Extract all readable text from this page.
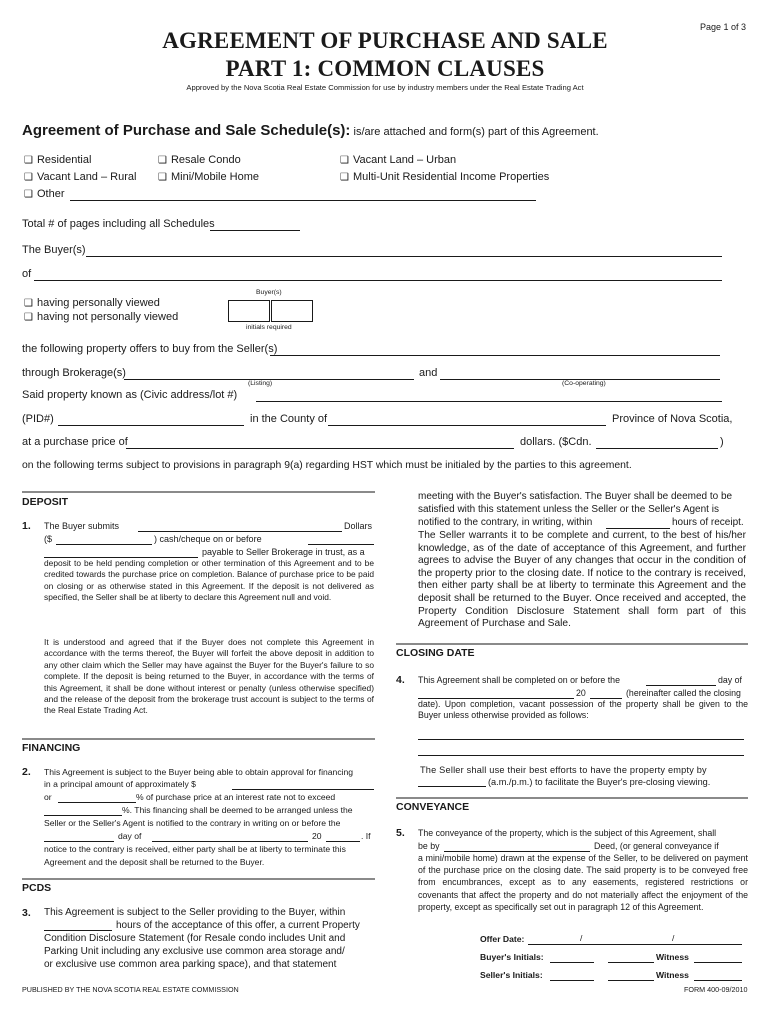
Page 1 of 3
AGREEMENT OF PURCHASE AND SALE
PART 1: COMMON CLAUSES
Approved by the Nova Scotia Real Estate Commission for use by industry members under the Real Estate Trading Act
Agreement of Purchase and Sale Schedule(s): is/are attached and form(s) part of this Agreement.
❑ Residential	❑ Resale Condo	❑ Vacant Land – Urban
❑ Vacant Land – Rural	❑ Mini/Mobile Home	❑ Multi-Unit Residential Income Properties
❑ Other
Total # of pages including all Schedules
The Buyer(s)
of
Buyer(s)
initials required
❑ having personally viewed
❑ having not personally viewed
the following property offers to buy from the Seller(s)
through Brokerage(s)	and
(Listing)	(Co-operating)
Said property known as (Civic address/lot #)
(PID#)	in the County of	Province of Nova Scotia,
at a purchase price of	dollars. ($Cdn.	)
on the following terms subject to provisions in paragraph 9(a) regarding HST which must be initialed by the parties to this agreement.
DEPOSIT
1. The Buyer submits	Dollars
($	) cash/cheque on or before
payable to Seller Brokerage in trust, as a
deposit to be held pending completion or other termination of this Agreement and to be credited towards the purchase price on completion. Balance of purchase price to be paid on closing or as otherwise stated in this Agreement. If the deposit is not delivered as specified, the Seller shall be at liberty to declare this Agreement null and void.
It is understood and agreed that if the Buyer does not complete this Agreement in accordance with the terms thereof, the Buyer will forfeit the above deposit in addition to any other claim which the Seller may have against the Buyer for the Buyer's failure to so complete. If the deposit is being returned to the Buyer, in accordance with the terms of this Agreement, it shall be done without interest or penalty (unless otherwise specified) and the release of the deposit from the brokerage trust account is subject to the terms of the Real Estate Trading Act.
FINANCING
2. This Agreement is subject to the Buyer being able to obtain approval for financing
in a principal amount of approximately $
or	% of purchase price at an interest rate not to exceed
%. This financing shall be deemed to be arranged unless the
Seller or the Seller's Agent is notified to the contrary in writing on or before the
day of	20	. If
notice to the contrary is received, either party shall be at liberty to terminate this
Agreement and the deposit shall be returned to the Buyer.
PCDS
3. This Agreement is subject to the Seller providing to the Buyer, within
hours of the acceptance of this offer, a current Property
Condition Disclosure Statement (for Resale condo includes Unit and
Parking Unit including any exclusive use common area storage and/
or exclusive use common area parking space), and that statement
meeting with the Buyer's satisfaction. The Buyer shall be deemed to be
satisfied with this statement unless the Seller or the Seller's Agent is
notified to the contrary, in writing, within	hours of receipt.
The Seller warrants it to be complete and current, to the best of his/her knowledge, as of the date of acceptance of this Agreement, and further agrees to advise the Buyer of any changes that occur in the condition of the property prior to the closing date. If notice to the contrary is received, then either party shall be at liberty to terminate this Agreement and the deposit shall be returned to the Buyer. Once received and accepted, the Property Condition Disclosure Statement shall form part of this Agreement of Purchase and Sale.
CLOSING DATE
4. This Agreement shall be completed on or before the	day of
20	(hereinafter called the closing
date). Upon completion, vacant possession of the property shall be given to the Buyer unless otherwise provided as follows:
The Seller shall use their best efforts to have the property empty by
(a.m./p.m.) to facilitate the Buyer's pre-closing viewing.
CONVEYANCE
5. The conveyance of the property, which is the subject of this Agreement, shall
be by	Deed, (or general conveyance if
a mini/mobile home) drawn at the expense of the Seller, to be delivered on payment of the purchase price on the closing date. The said property is to be conveyed free from encumbrances, except as to any easements, registered restrictions or covenants that affect the property and do not materially affect the enjoyment of the property, except as specifically set out in paragraph 12 of this Agreement.
Offer Date:	/	/
Buyer's Initials:	Witness
Seller's Initials:	Witness
PUBLISHED BY THE NOVA SCOTIA REAL ESTATE COMMISSION	FORM 400-09/2010
